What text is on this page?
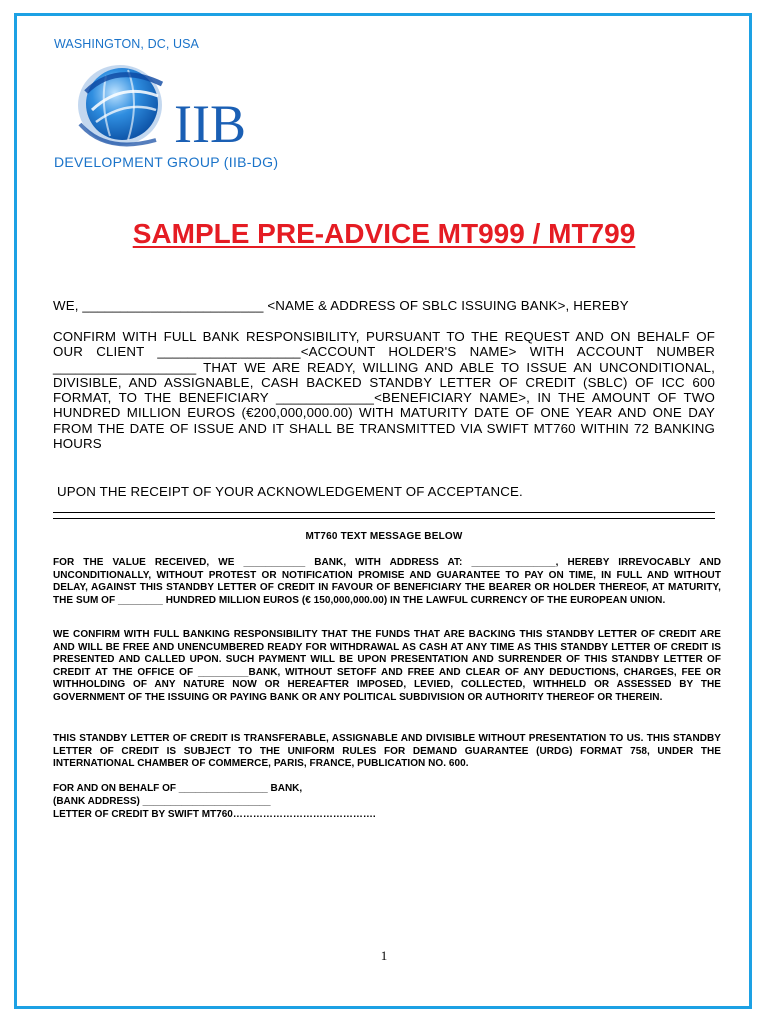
WASHINGTON, DC, USA
IIB
DEVELOPMENT GROUP (IIB-DG)
SAMPLE PRE-ADVICE MT999 / MT799
WE, ________________________ <NAME & ADDRESS OF SBLC ISSUING BANK>, HEREBY
CONFIRM WITH FULL BANK RESPONSIBILITY, PURSUANT TO THE REQUEST AND ON BEHALF OF OUR CLIENT ___________________<ACCOUNT HOLDER'S NAME> WITH ACCOUNT NUMBER ___________________ THAT WE ARE READY, WILLING AND ABLE TO ISSUE AN UNCONDITIONAL, DIVISIBLE, AND ASSIGNABLE, CASH BACKED STANDBY LETTER OF CREDIT (SBLC) OF ICC 600 FORMAT, TO THE BENEFICIARY _____________<BENEFICIARY NAME>, IN THE AMOUNT OF TWO HUNDRED MILLION EUROS (€200,000,000.00) WITH MATURITY DATE OF ONE YEAR AND ONE DAY FROM THE DATE OF ISSUE AND IT SHALL BE TRANSMITTED VIA SWIFT MT760 WITHIN 72 BANKING HOURS
UPON THE RECEIPT OF YOUR ACKNOWLEDGEMENT OF ACCEPTANCE.
MT760 TEXT MESSAGE BELOW
FOR THE VALUE RECEIVED, WE ___________ BANK, WITH ADDRESS AT: _______________, HEREBY IRREVOCABLY AND UNCONDITIONALLY, WITHOUT PROTEST OR NOTIFICATION PROMISE AND GUARANTEE TO PAY ON TIME, IN FULL AND WITHOUT DELAY, AGAINST THIS STANDBY LETTER OF CREDIT IN FAVOUR OF BENEFICIARY THE BEARER OR HOLDER THEREOF, AT MATURITY, THE SUM OF ________ HUNDRED MILLION EUROS (€ 150,000,000.00) IN THE LAWFUL CURRENCY OF THE EUROPEAN UNION.
WE CONFIRM WITH FULL BANKING RESPONSIBILITY THAT THE FUNDS THAT ARE BACKING THIS STANDBY LETTER OF CREDIT ARE AND WILL BE FREE AND UNENCUMBERED READY FOR WITHDRAWAL AS CASH AT ANY TIME AS THIS STANDBY LETTER OF CREDIT IS PRESENTED AND CALLED UPON. SUCH PAYMENT WILL BE UPON PRESENTATION AND SURRENDER OF THIS STANDBY LETTER OF CREDIT AT THE OFFICE OF _________BANK, WITHOUT SETOFF AND FREE AND CLEAR OF ANY DEDUCTIONS, CHARGES, FEE OR WITHHOLDING OF ANY NATURE NOW OR HEREAFTER IMPOSED, LEVIED, COLLECTED, WITHHELD OR ASSESSED BY THE GOVERNMENT OF THE ISSUING OR PAYING BANK OR ANY POLITICAL SUBDIVISION OR AUTHORITY THEREOF OR THEREIN.
THIS STANDBY LETTER OF CREDIT IS TRANSFERABLE, ASSIGNABLE AND DIVISIBLE WITHOUT PRESENTATION TO US. THIS STANDBY LETTER OF CREDIT IS SUBJECT TO THE UNIFORM RULES FOR DEMAND GUARANTEE (URDG) FORMAT 758, UNDER THE INTERNATIONAL CHAMBER OF COMMERCE, PARIS, FRANCE, PUBLICATION NO. 600.
FOR AND ON BEHALF OF ________________ BANK,
(BANK ADDRESS) _______________________
LETTER OF CREDIT BY SWIFT MT760…………………………………….
1
